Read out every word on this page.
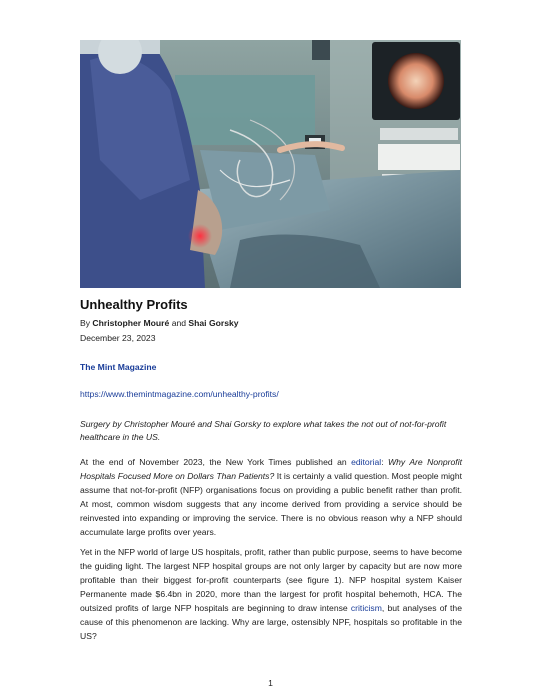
Unhealthy Profits
By Christopher Mouré and Shai Gorsky
December 23, 2023
The Mint Magazine
https://www.themintmagazine.com/unhealthy-profits/
Surgery by Christopher Mouré and Shai Gorsky to explore what takes the not out of not-for-profit healthcare in the US.
At the end of November 2023, the New York Times published an editorial: Why Are Nonprofit Hospitals Focused More on Dollars Than Patients? It is certainly a valid question. Most people might assume that not-for-profit (NFP) organisations focus on providing a public benefit rather than profit. At most, common wisdom suggests that any income derived from providing a service should be reinvested into expanding or improving the service. There is no obvious reason why a NFP should accumulate large profits over years.
Yet in the NFP world of large US hospitals, profit, rather than public purpose, seems to have become the guiding light. The largest NFP hospital groups are not only larger by capacity but are now more profitable than their biggest for-profit counterparts (see figure 1). NFP hospital system Kaiser Permanente made $6.4bn in 2020, more than the largest for profit hospital behemoth, HCA. The outsized profits of large NFP hospitals are beginning to draw intense criticism, but analyses of the cause of this phenomenon are lacking. Why are large, ostensibly NPF, hospitals so profitable in the US?
1
